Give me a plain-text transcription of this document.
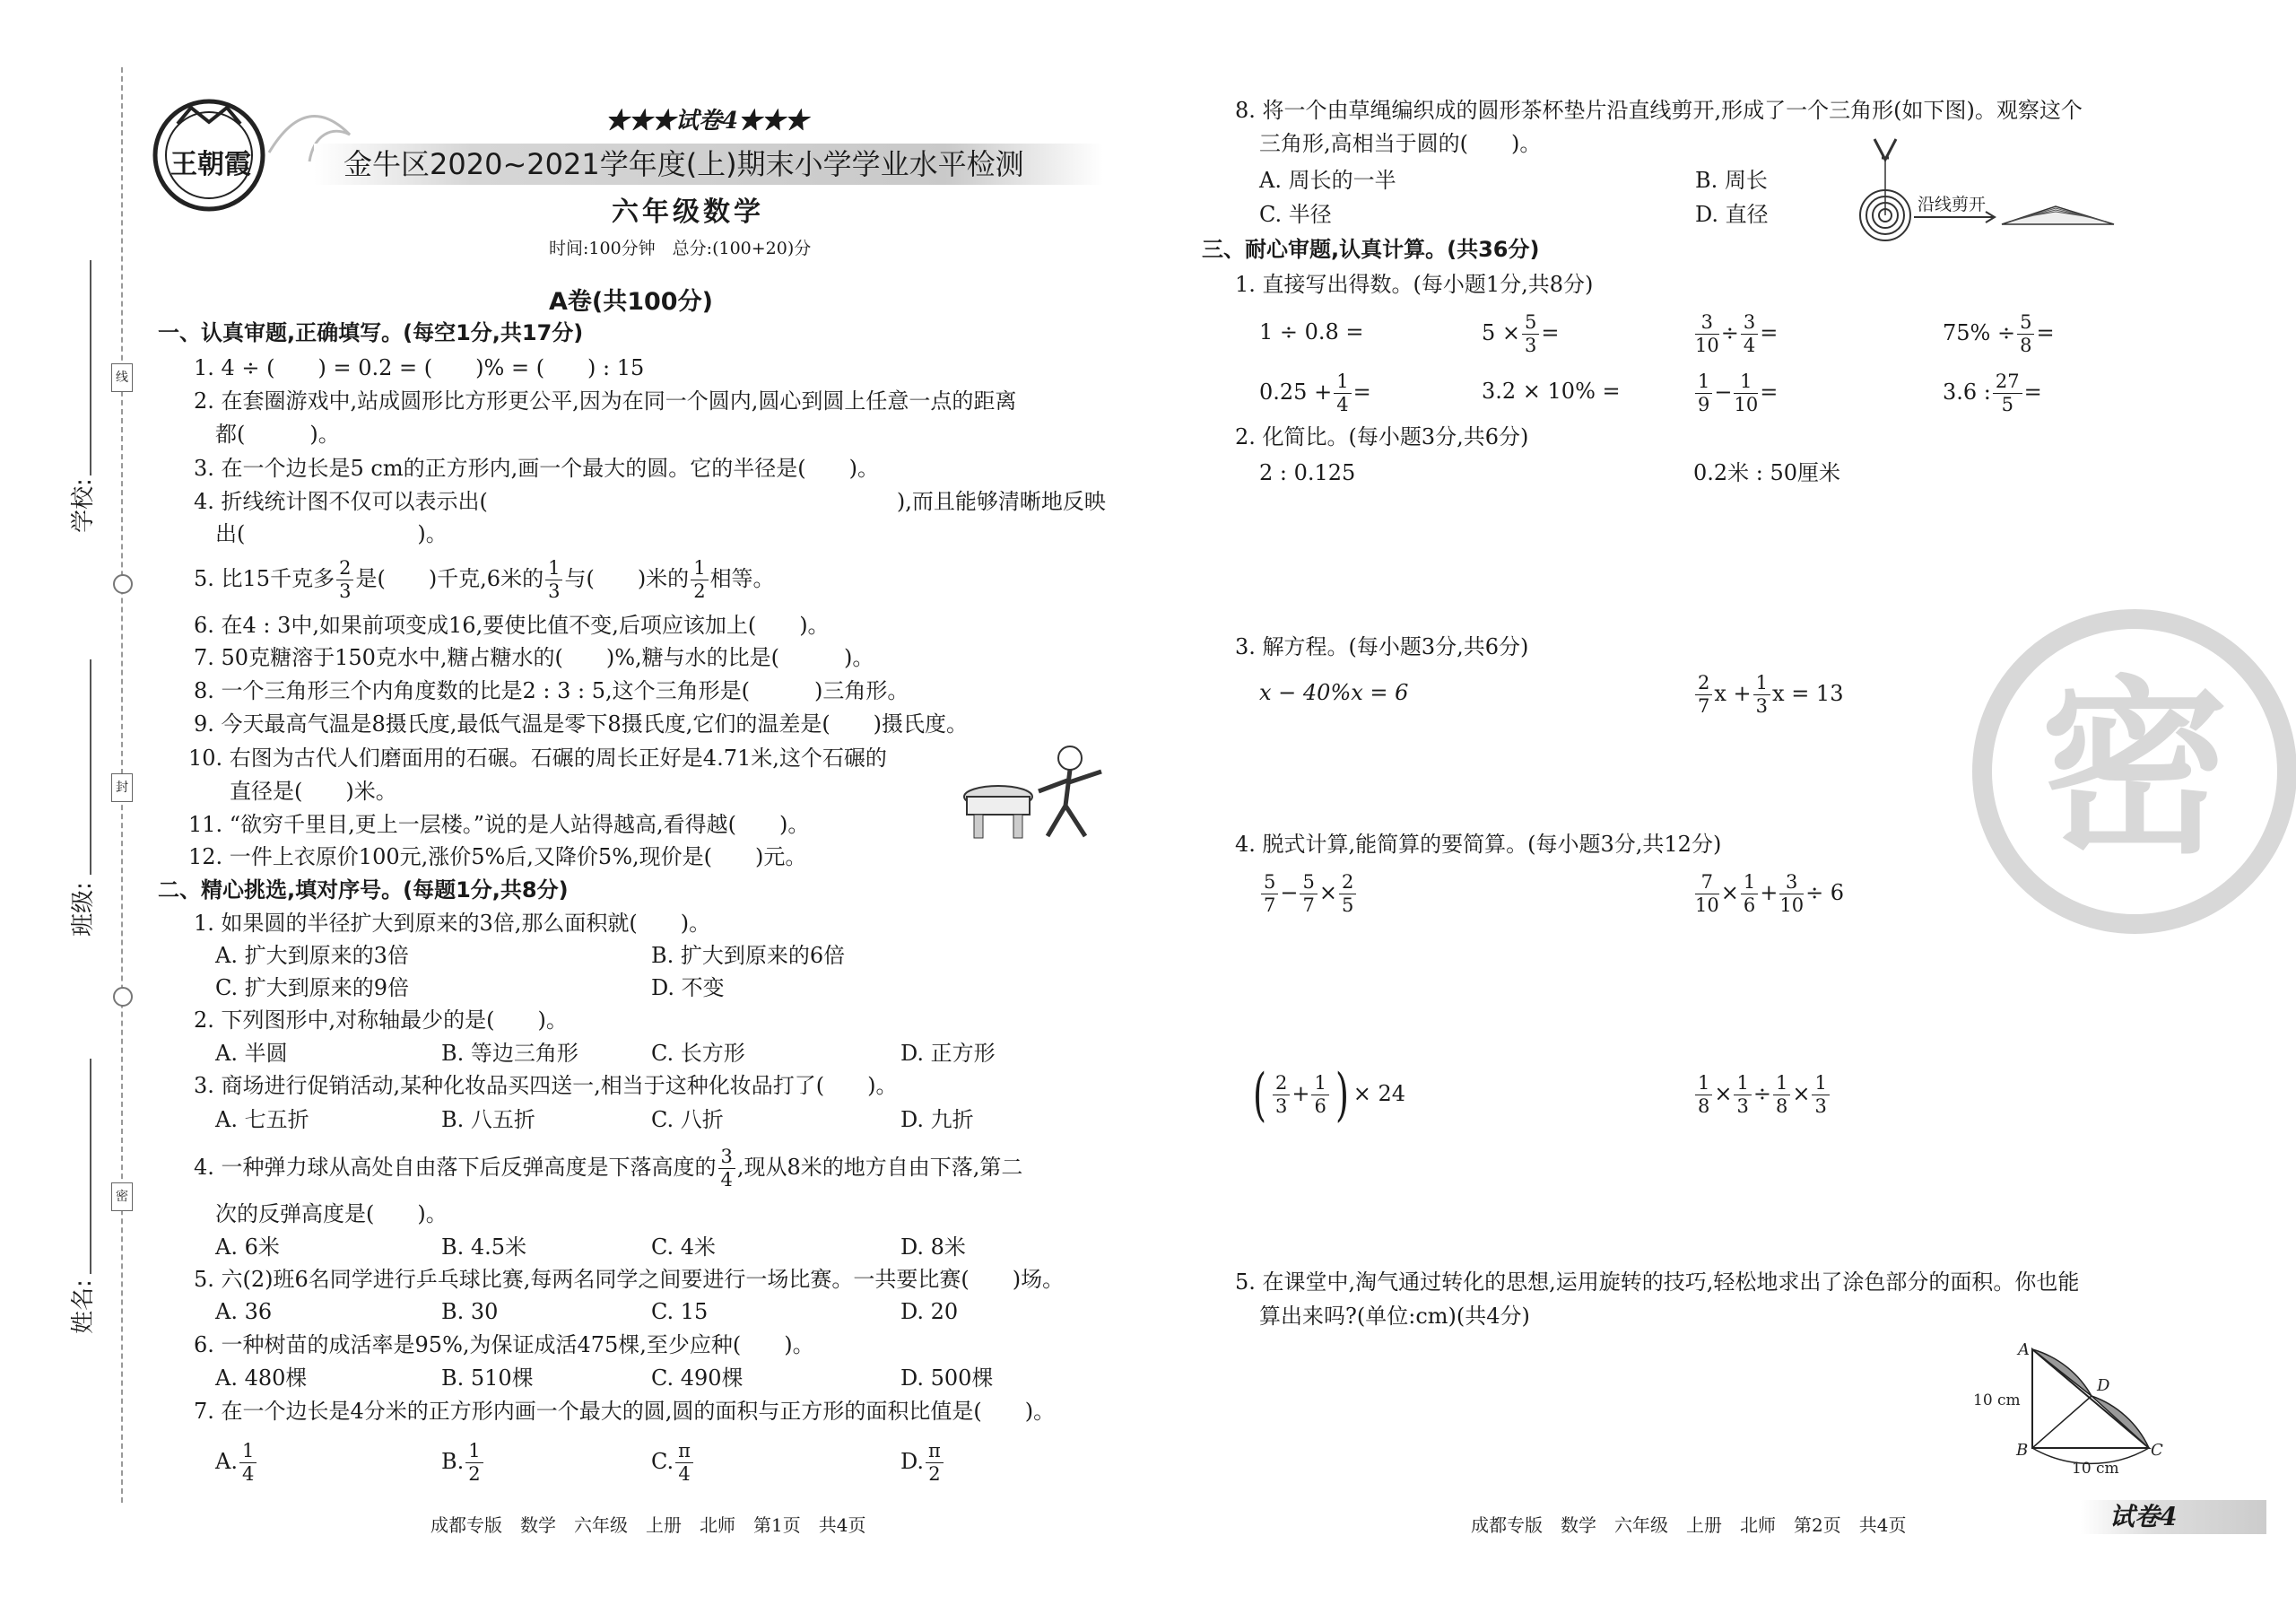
线
封
密
学校:
班级:
姓名:
王朝霞
★★★试卷4★★★
金牛区2020~2021学年度(上)期末小学学业水平检测
六年级数学
时间:100分钟　总分:(100+20)分
A卷(共100分)
一、认真审题,正确填写。(每空1分,共17分)
1. 4 ÷ (　　) = 0.2 = (　　)% = (　　) : 15
2. 在套圈游戏中,站成圆形比方形更公平,因为在同一个圆内,圆心到圆上任意一点的距离
都(　　　)。
3. 在一个边长是5 cm的正方形内,画一个最大的圆。它的半径是(　　)。
4. 折线统计图不仅可以表示出(　　　　　　　　　　　　　　　　　　　),而且能够清晰地反映
出(　　　　　　　　)。
5. 比15千克多 $\frac{2}{3}$ 是(　　)千克,6米的 $\frac{1}{3}$ 与(　　)米的 $\frac{1}{2}$ 相等。
6. 在4 : 3中,如果前项变成16,要使比值不变,后项应该加上(　　)。
7. 50克糖溶于150克水中,糖占糖水的(　　)%,糖与水的比是(　　　)。
8. 一个三角形三个内角度数的比是2 : 3 : 5,这个三角形是(　　　)三角形。
9. 今天最高气温是8摄氏度,最低气温是零下8摄氏度,它们的温差是(　　)摄氏度。
10. 右图为古代人们磨面用的石碾。石碾的周长正好是4.71米,这个石碾的
直径是(　　)米。
11. “欲穷千里目,更上一层楼。”说的是人站得越高,看得越(　　)。
12. 一件上衣原价100元,涨价5%后,又降价5%,现价是(　　)元。
二、精心挑选,填对序号。(每题1分,共8分)
1. 如果圆的半径扩大到原来的3倍,那么面积就(　　)。
A. 扩大到原来的3倍	B. 扩大到原来的6倍
C. 扩大到原来的9倍	D. 不变
2. 下列图形中,对称轴最少的是(　　)。
A. 半圆	B. 等边三角形	C. 长方形	D. 正方形
3. 商场进行促销活动,某种化妆品买四送一,相当于这种化妆品打了(　　)。
A. 七五折	B. 八五折	C. 八折	D. 九折
4. 一种弹力球从高处自由落下后反弹高度是下落高度的 $\frac{3}{4}$ ,现从8米的地方自由下落,第二
次的反弹高度是(　　)。
A. 6米	B. 4.5米	C. 4米	D. 8米
5. 六(2)班6名同学进行乒乓球比赛,每两名同学之间要进行一场比赛。一共要比赛(　　)场。
A. 36	B. 30	C. 15	D. 20
6. 一种树苗的成活率是95%,为保证成活475棵,至少应种(　　)。
A. 480棵	B. 510棵	C. 490棵	D. 500棵
7. 在一个边长是4分米的正方形内画一个最大的圆,圆的面积与正方形的面积比值是(　　)。
A. $\frac{1}{4}$	B. $\frac{1}{2}$	C. $\frac{\pi}{4}$	D. $\frac{\pi}{2}$
成都专版　数学　六年级　上册　北师　第1页　共4页
密
8. 将一个由草绳编织成的圆形茶杯垫片沿直线剪开,形成了一个三角形(如下图)。观察这个
三角形,高相当于圆的(　　)。
A. 周长的一半	B. 周长
C. 半径	D. 直径	沿线剪开
三、耐心审题,认真计算。(共36分)
1. 直接写出得数。(每小题1分,共8分)
1 ÷ 0.8 =	$5 \times \frac{5}{3}$ =	$\frac{3}{10} \div \frac{3}{4}$ =	$75\% \div \frac{5}{8}$ =
$0.25 + \frac{1}{4}$ =	3.2 × 10% =	$\frac{1}{9} - \frac{1}{10}$ =	3.6 : $\frac{27}{5}$ =
2. 化简比。(每小题3分,共6分)
2 : 0.125	0.2米 : 50厘米
3. 解方程。(每小题3分,共6分)
x − 40%x = 6	$\frac{2}{7}$ $x + \frac{1}{3}$ x = 13
4. 脱式计算,能简算的要简算。(每小题3分,共12分)
$\frac{5}{7} - \frac{5}{7} \times \frac{2}{5}$	$\frac{7}{10} \times \frac{1}{6} + \frac{3}{10} \div 6$
( $\frac{2}{3} + \frac{1}{6}$ ) × 24	$\frac{1}{8} \times \frac{1}{3} \div \frac{1}{8} \times \frac{1}{3}$
5. 在课堂中,淘气通过转化的思想,运用旋转的技巧,轻松地求出了涂色部分的面积。你也能
算出来吗?(单位:cm)(共4分)
A
B	C
D
10 cm
10 cm
成都专版　数学　六年级　上册　北师　第2页　共4页	试卷4
